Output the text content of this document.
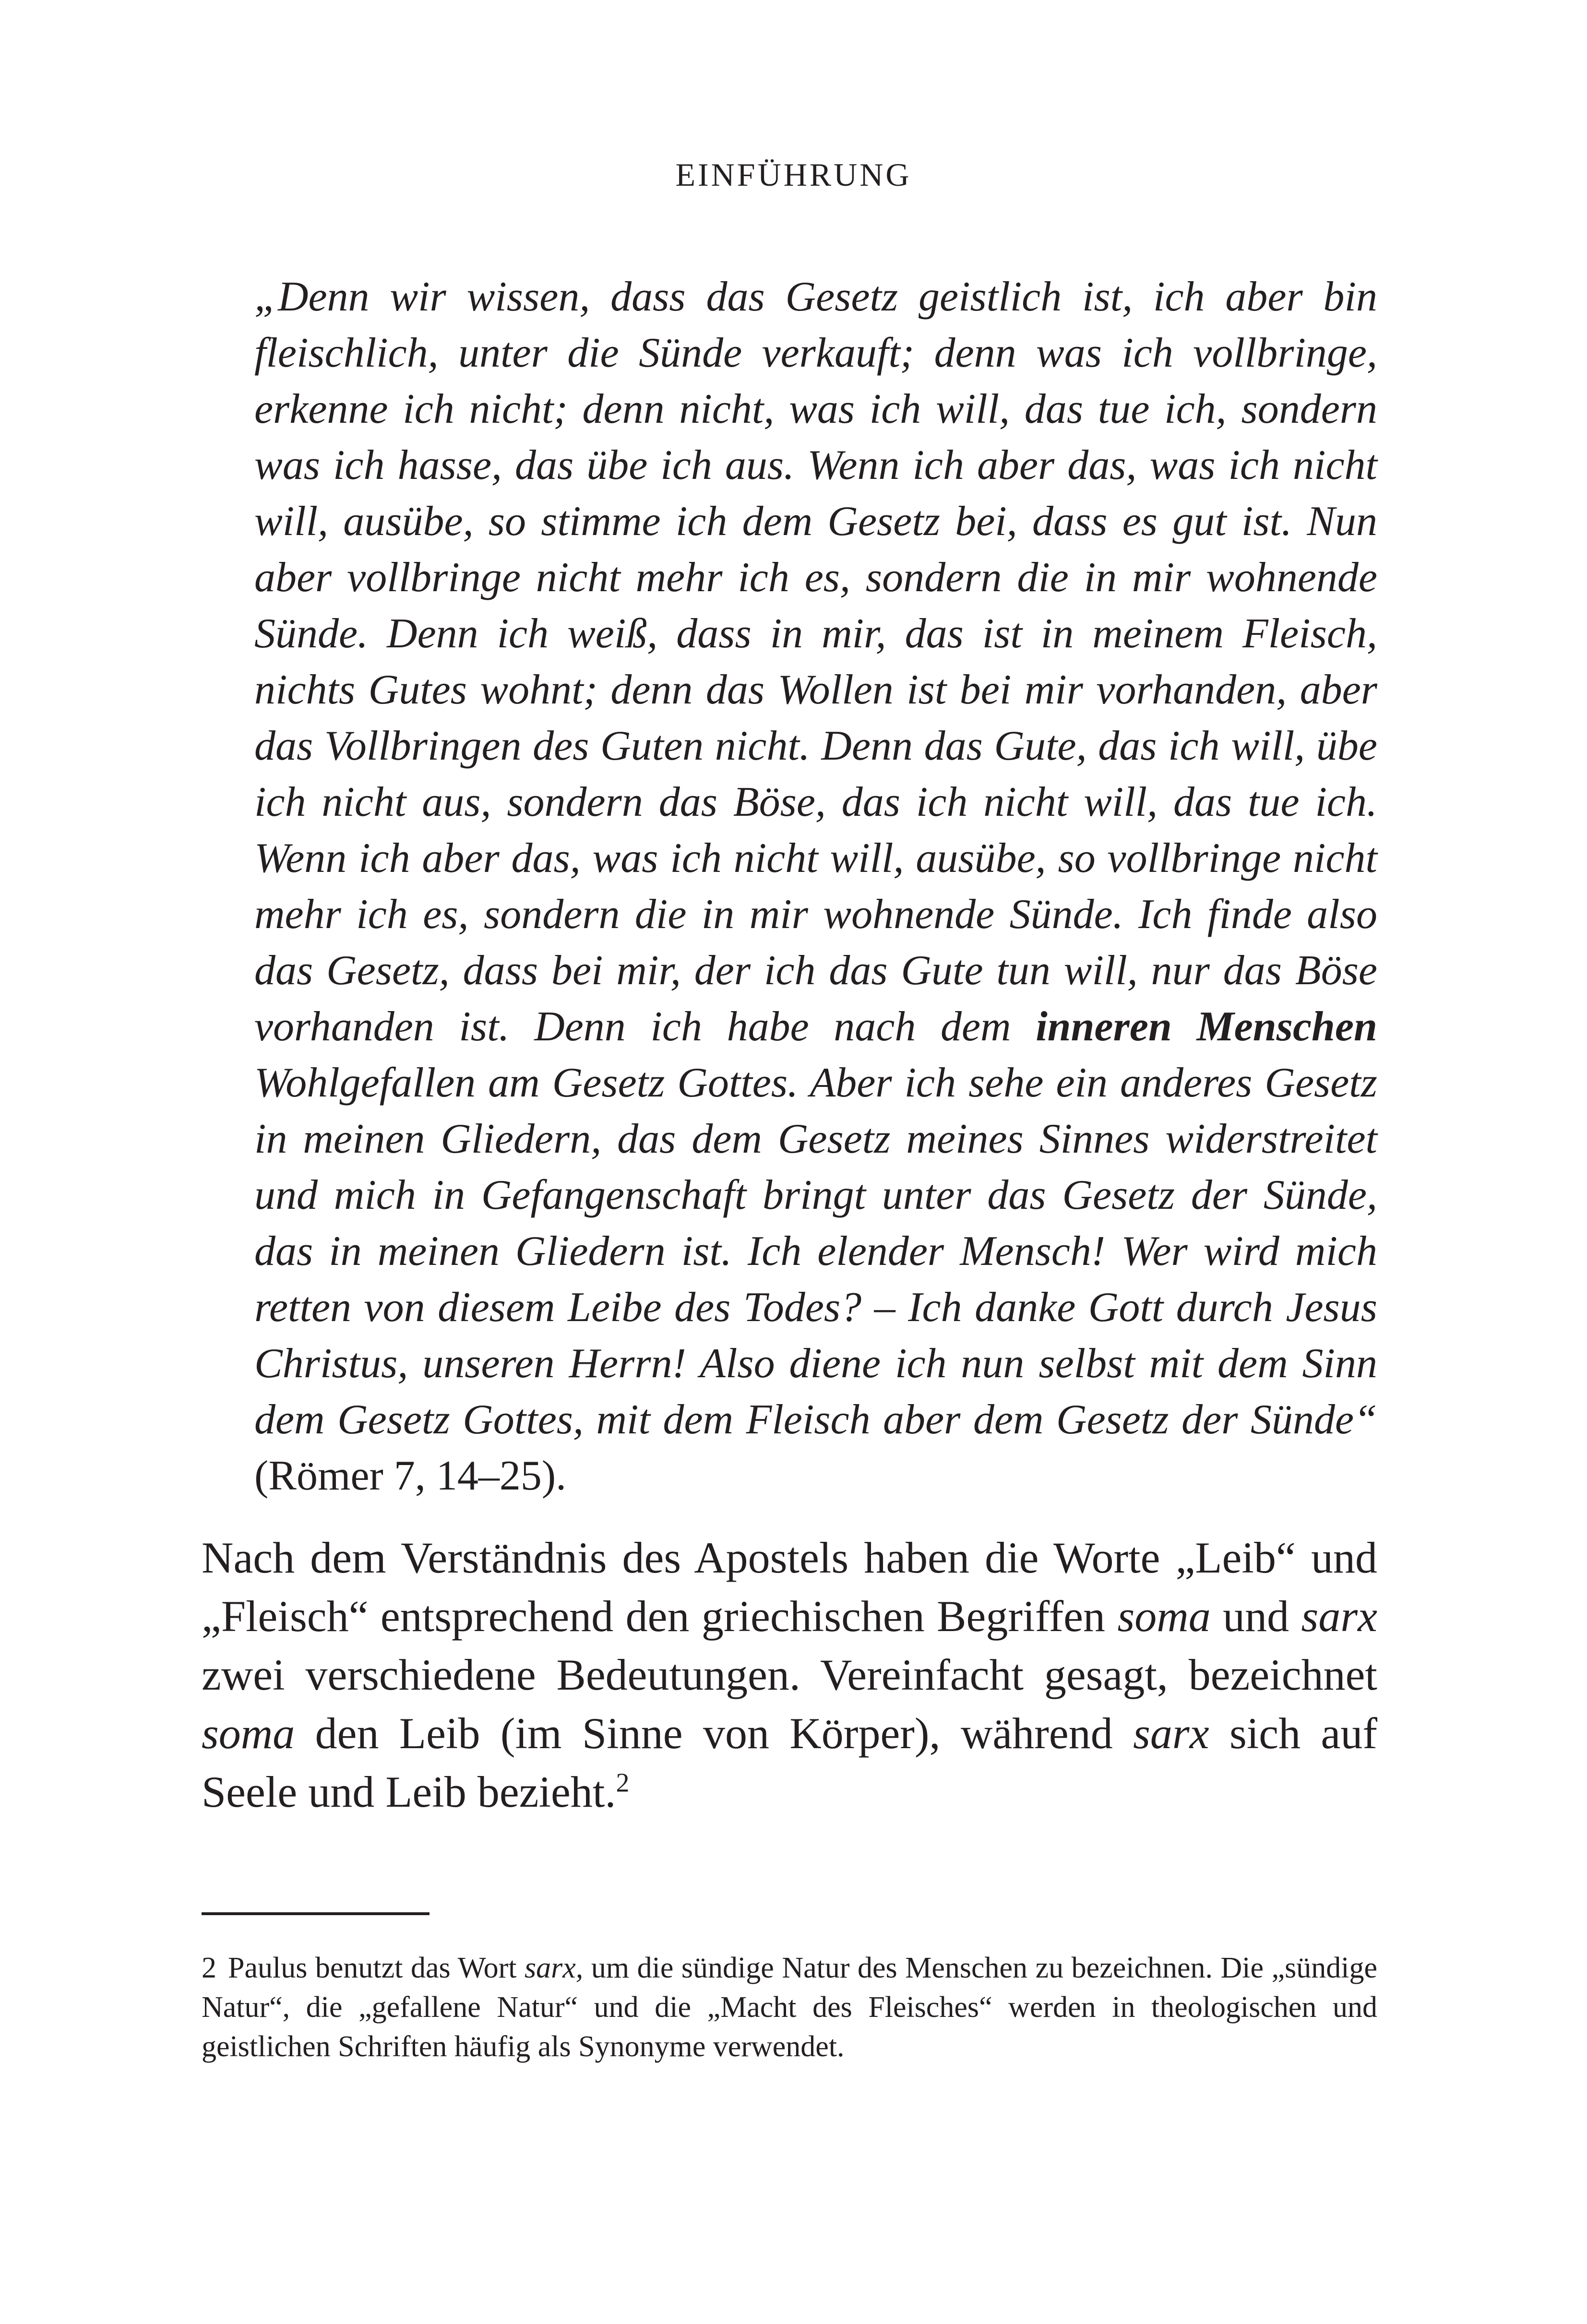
EINFÜHRUNG

„Denn wir wissen, dass das Gesetz geistlich ist, ich aber bin fleischlich, unter die Sünde verkauft; denn was ich vollbringe, erkenne ich nicht; denn nicht, was ich will, das tue ich, sondern was ich hasse, das übe ich aus. Wenn ich aber das, was ich nicht will, ausübe, so stimme ich dem Gesetz bei, dass es gut ist. Nun aber vollbringe nicht mehr ich es, sondern die in mir wohnende Sünde. Denn ich weiß, dass in mir, das ist in meinem Fleisch, nichts Gutes wohnt; denn das Wollen ist bei mir vorhanden, aber das Vollbringen des Guten nicht. Denn das Gute, das ich will, übe ich nicht aus, sondern das Böse, das ich nicht will, das tue ich. Wenn ich aber das, was ich nicht will, ausübe, so vollbringe nicht mehr ich es, sondern die in mir wohnende Sünde. Ich finde also das Gesetz, dass bei mir, der ich das Gute tun will, nur das Böse vorhanden ist. Denn ich habe nach dem inneren Menschen Wohlgefallen am Gesetz Gottes. Aber ich sehe ein anderes Gesetz in meinen Gliedern, das dem Gesetz meines Sinnes widerstreitet und mich in Gefangenschaft bringt unter das Gesetz der Sünde, das in meinen Gliedern ist. Ich elender Mensch! Wer wird mich retten von diesem Leibe des Todes? – Ich danke Gott durch Jesus Christus, unseren Herrn! Also diene ich nun selbst mit dem Sinn dem Gesetz Gottes, mit dem Fleisch aber dem Gesetz der Sünde“ (Römer 7, 14–25).

Nach dem Verständnis des Apostels haben die Worte „Leib“ und „Fleisch“ entsprechend den griechischen Begriffen soma und sarx zwei verschiedene Bedeutungen. Vereinfacht gesagt, bezeichnet soma den Leib (im Sinne von Körper), während sarx sich auf Seele und Leib bezieht.$^2$

2 Paulus benutzt das Wort sarx, um die sündige Natur des Menschen zu bezeichnen. Die „sündige Natur“, die „gefallene Natur“ und die „Macht des Fleisches“ werden in theologischen und geistlichen Schriften häufig als Synonyme verwendet.
